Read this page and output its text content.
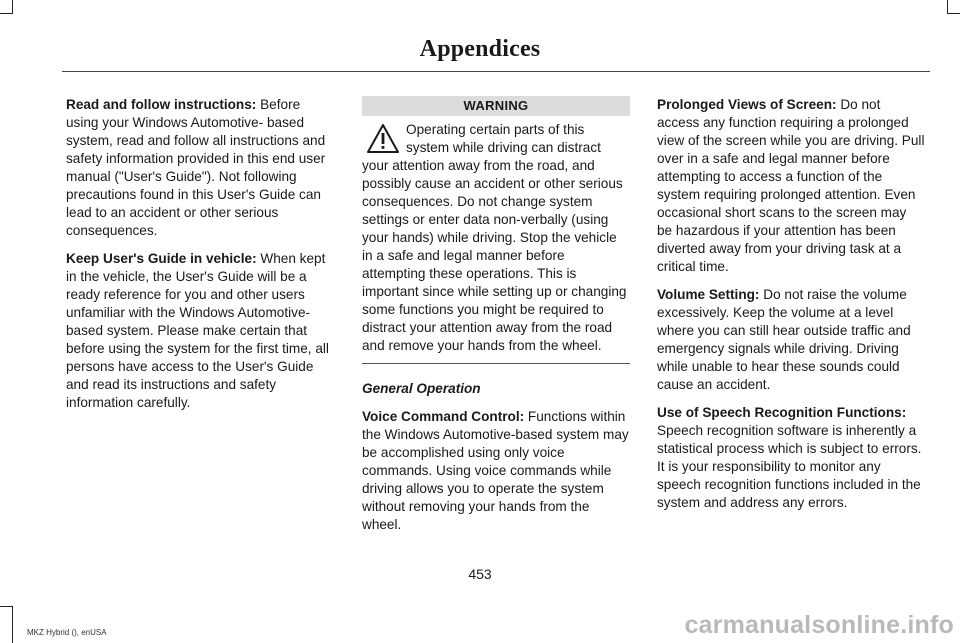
Appendices

Read and follow instructions: Before using your Windows Automotive- based system, read and follow all instructions and safety information provided in this end user manual ("User's Guide"). Not following precautions found in this User's Guide can lead to an accident or other serious consequences.

Keep User's Guide in vehicle: When kept in the vehicle, the User's Guide will be a ready reference for you and other users unfamiliar with the Windows Automotive-based system. Please make certain that before using the system for the first time, all persons have access to the User's Guide and read its instructions and safety information carefully.

WARNING
Operating certain parts of this system while driving can distract your attention away from the road, and possibly cause an accident or other serious consequences. Do not change system settings or enter data non-verbally (using your hands) while driving. Stop the vehicle in a safe and legal manner before attempting these operations. This is important since while setting up or changing some functions you might be required to distract your attention away from the road and remove your hands from the wheel.

General Operation

Voice Command Control: Functions within the Windows Automotive-based system may be accomplished using only voice commands. Using voice commands while driving allows you to operate the system without removing your hands from the wheel.

Prolonged Views of Screen: Do not access any function requiring a prolonged view of the screen while you are driving. Pull over in a safe and legal manner before attempting to access a function of the system requiring prolonged attention. Even occasional short scans to the screen may be hazardous if your attention has been diverted away from your driving task at a critical time.

Volume Setting: Do not raise the volume excessively. Keep the volume at a level where you can still hear outside traffic and emergency signals while driving. Driving while unable to hear these sounds could cause an accident.

Use of Speech Recognition Functions: Speech recognition software is inherently a statistical process which is subject to errors. It is your responsibility to monitor any speech recognition functions included in the system and address any errors.

453
MKZ Hybrid (), enUSA	carmanualsonline.info
